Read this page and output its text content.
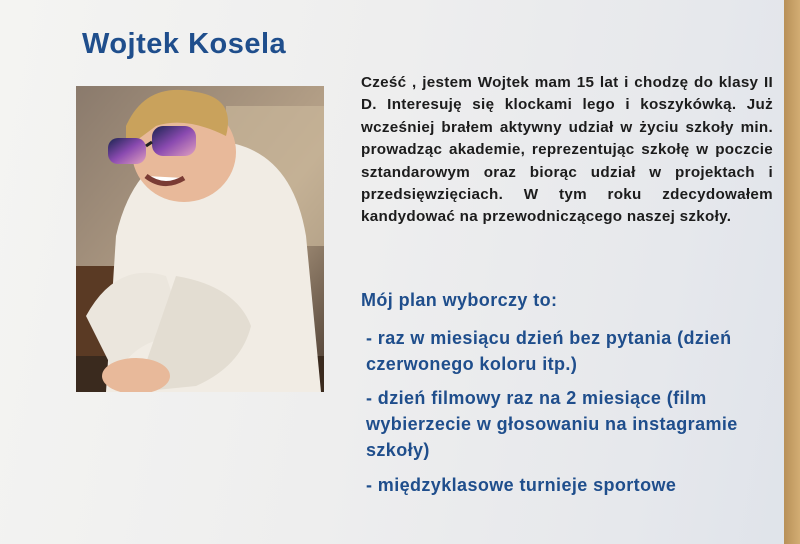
Wojtek Kosela
Cześć , jestem Wojtek mam 15 lat i chodzę do klasy II D. Interesuję się klockami lego i koszykówką. Już wcześniej brałem aktywny udział w życiu szkoły min. prowadząc akademie, reprezentując szkołę w poczcie sztandarowym oraz biorąc udział w projektach i przedsięwzięciach. W tym roku zdecydowałem kandydować na przewodniczącego naszej szkoły.
Mój plan wyborczy to:
- raz w miesiącu dzień bez pytania (dzień czerwonego koloru itp.)
- dzień filmowy raz na 2 miesiące (film wybierzecie w głosowaniu na instagramie szkoły)
- międzyklasowe turnieje sportowe
